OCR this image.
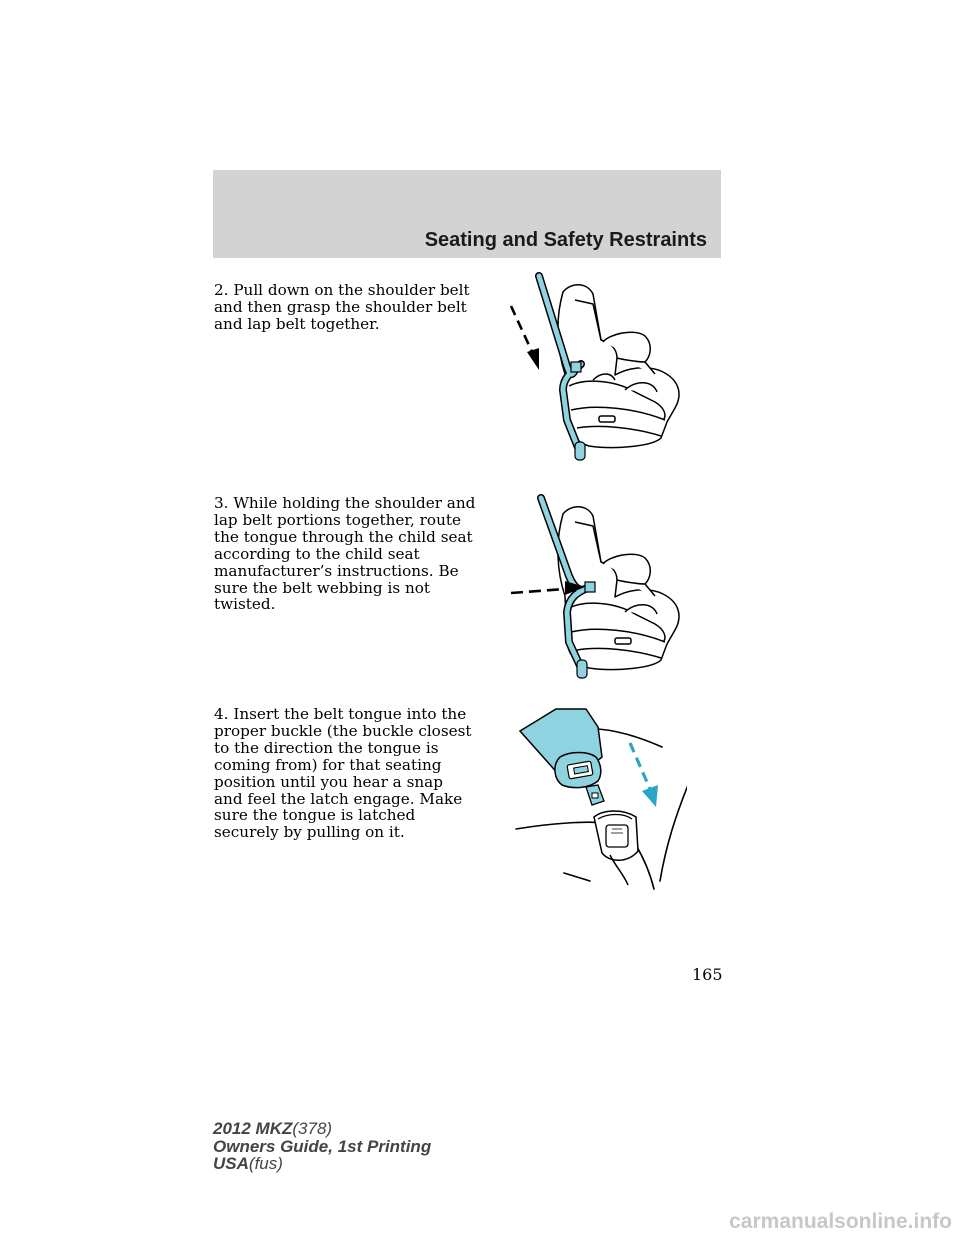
Seating and Safety Restraints

2. Pull down on the shoulder belt and then grasp the shoulder belt and lap belt together.

3. While holding the shoulder and lap belt portions together, route the tongue through the child seat according to the child seat manufacturer’s instructions. Be sure the belt webbing is not twisted.

4. Insert the belt tongue into the proper buckle (the buckle closest to the direction the tongue is coming from) for that seating position until you hear a snap and feel the latch engage. Make sure the tongue is latched securely by pulling on it.

165
2012 MKZ(378)
Owners Guide, 1st Printing
USA(fus)
carmanualsonline.info
